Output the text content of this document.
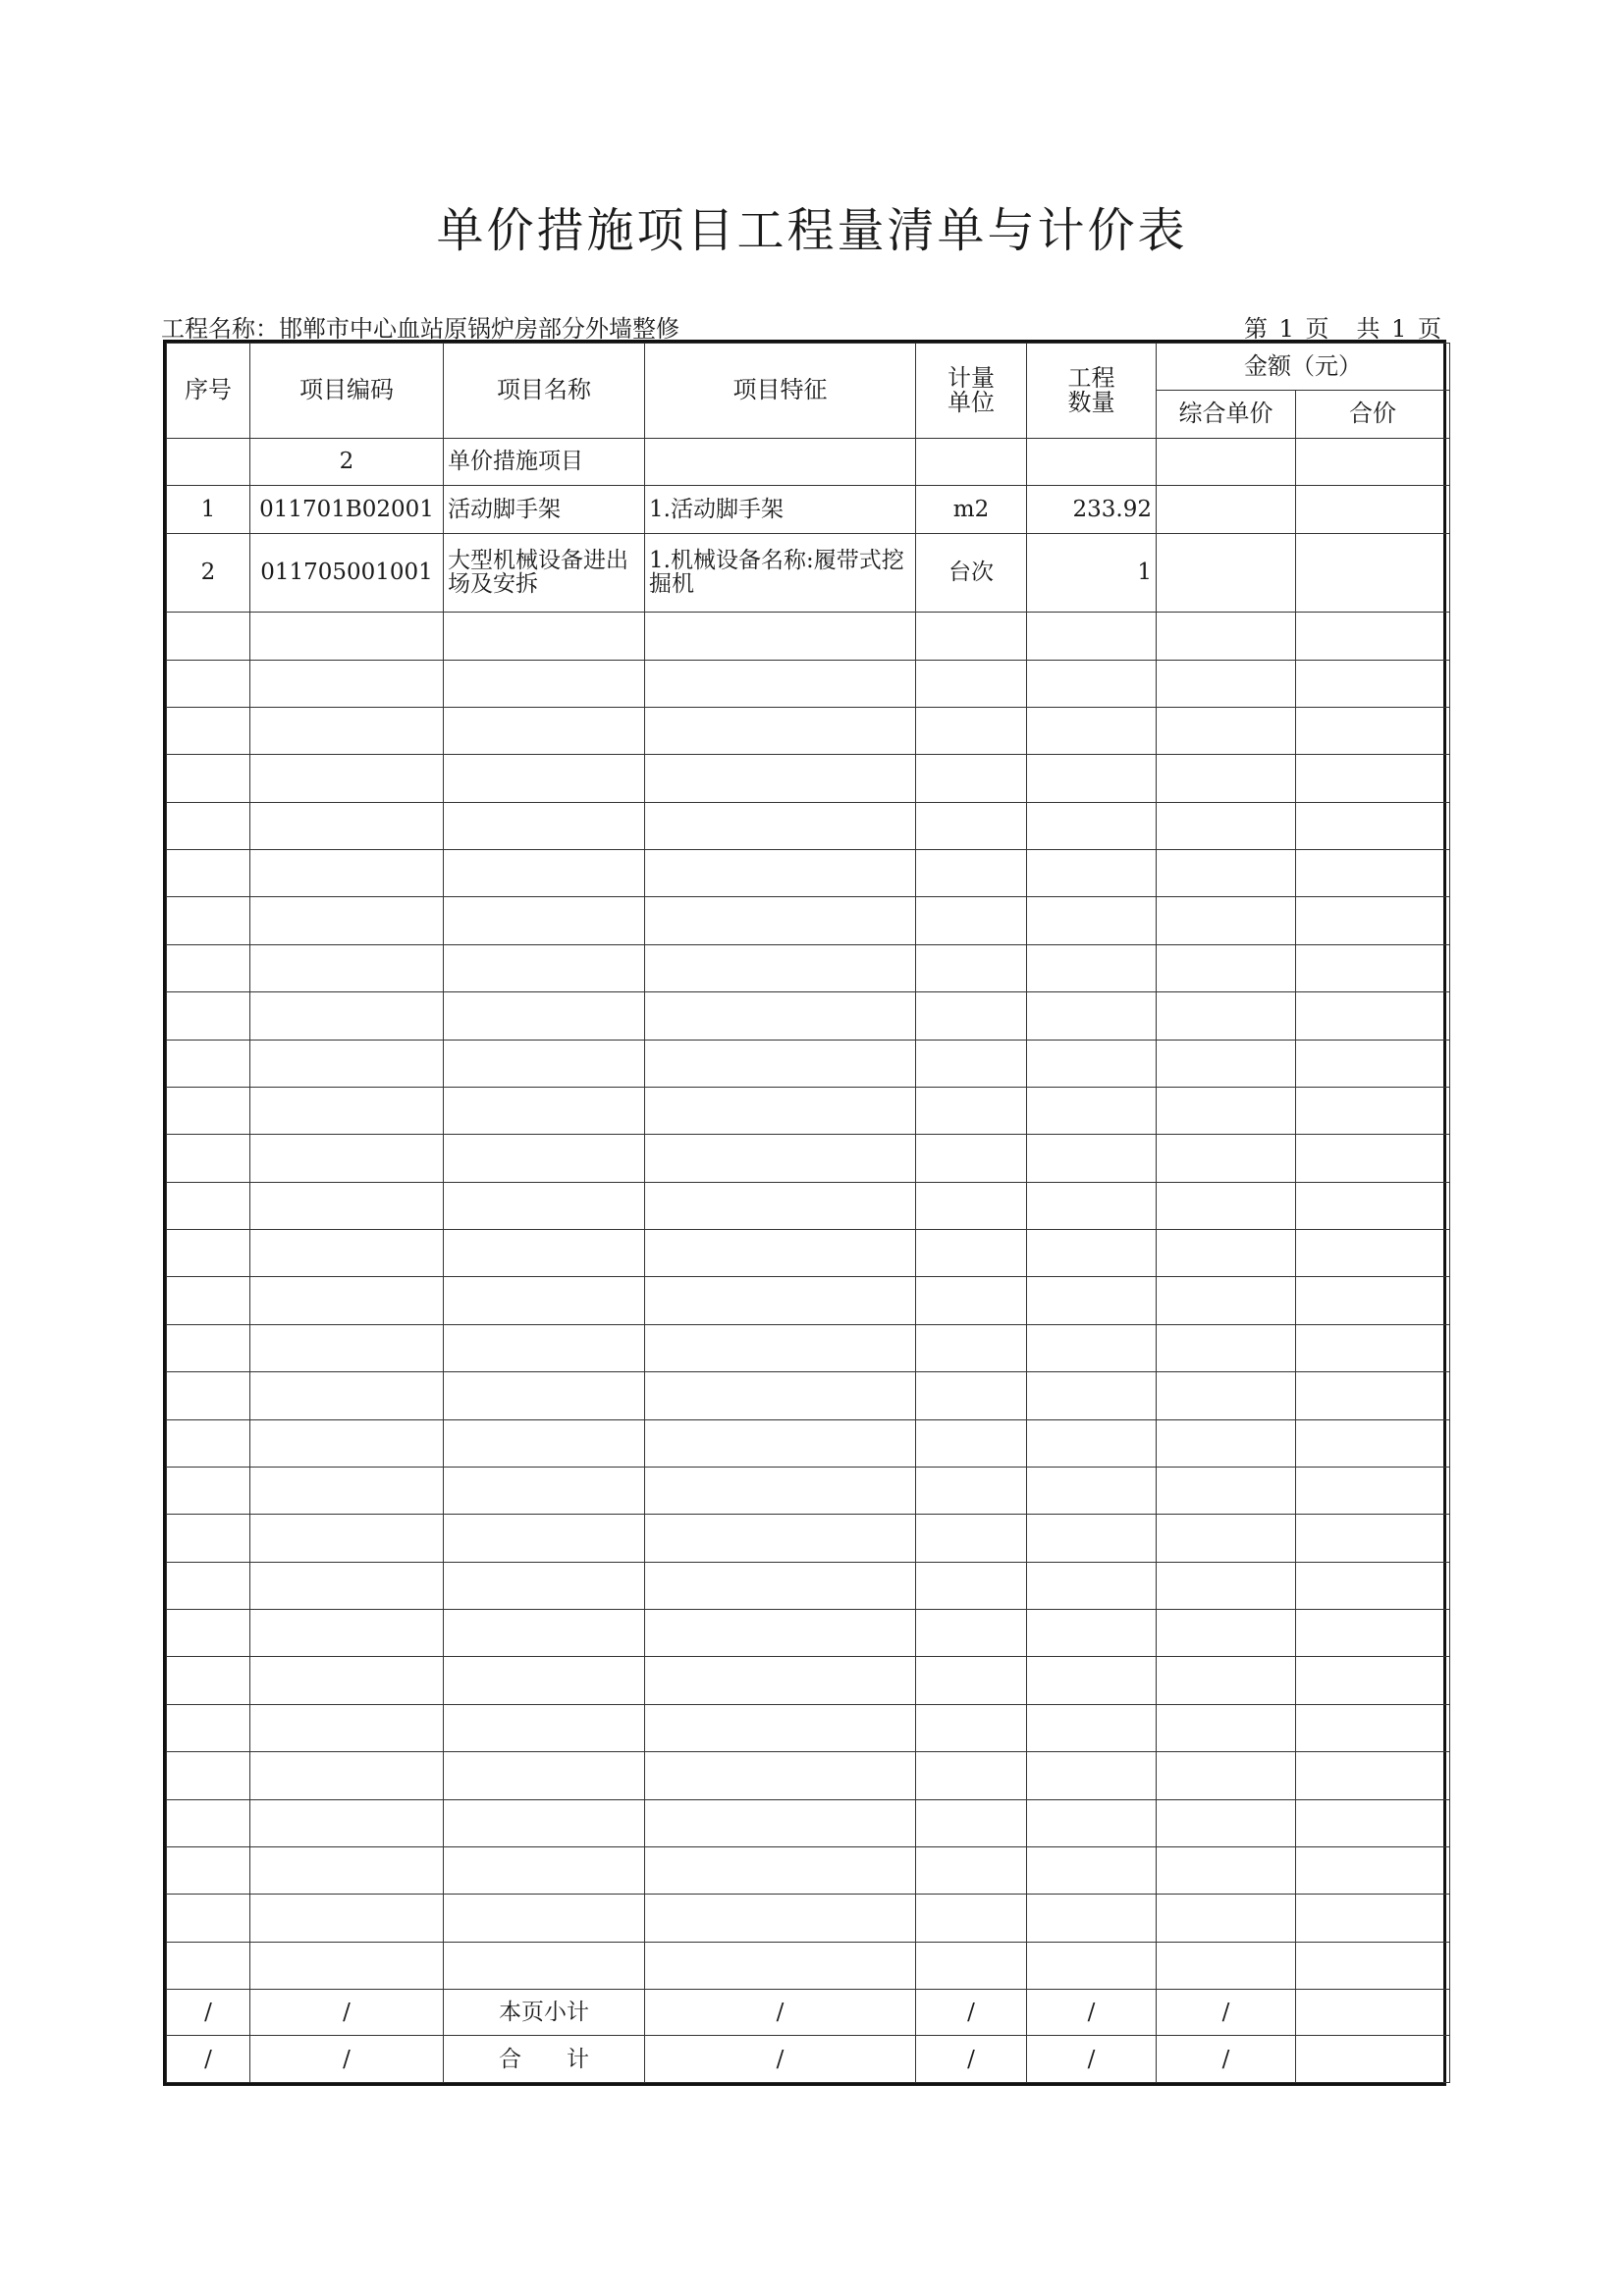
单价措施项目工程量清单与计价表
工程名称：邯郸市中心血站原锅炉房部分外墙整修	第 1 页　共 1 页
序号	项目编码	项目名称	项目特征	计量单位	工程数量	金额（元）	
						综合单价	合价
	2	单价措施项目					
1	011701B02001	活动脚手架	1.活动脚手架	m2	233.92		
2	011705001001	大型机械设备进出场及安拆	1.机械设备名称:履带式挖掘机	台次	1		

/	/	本页小计	/	/	/	/	
/	/	合　　计	/	/	/	/	
